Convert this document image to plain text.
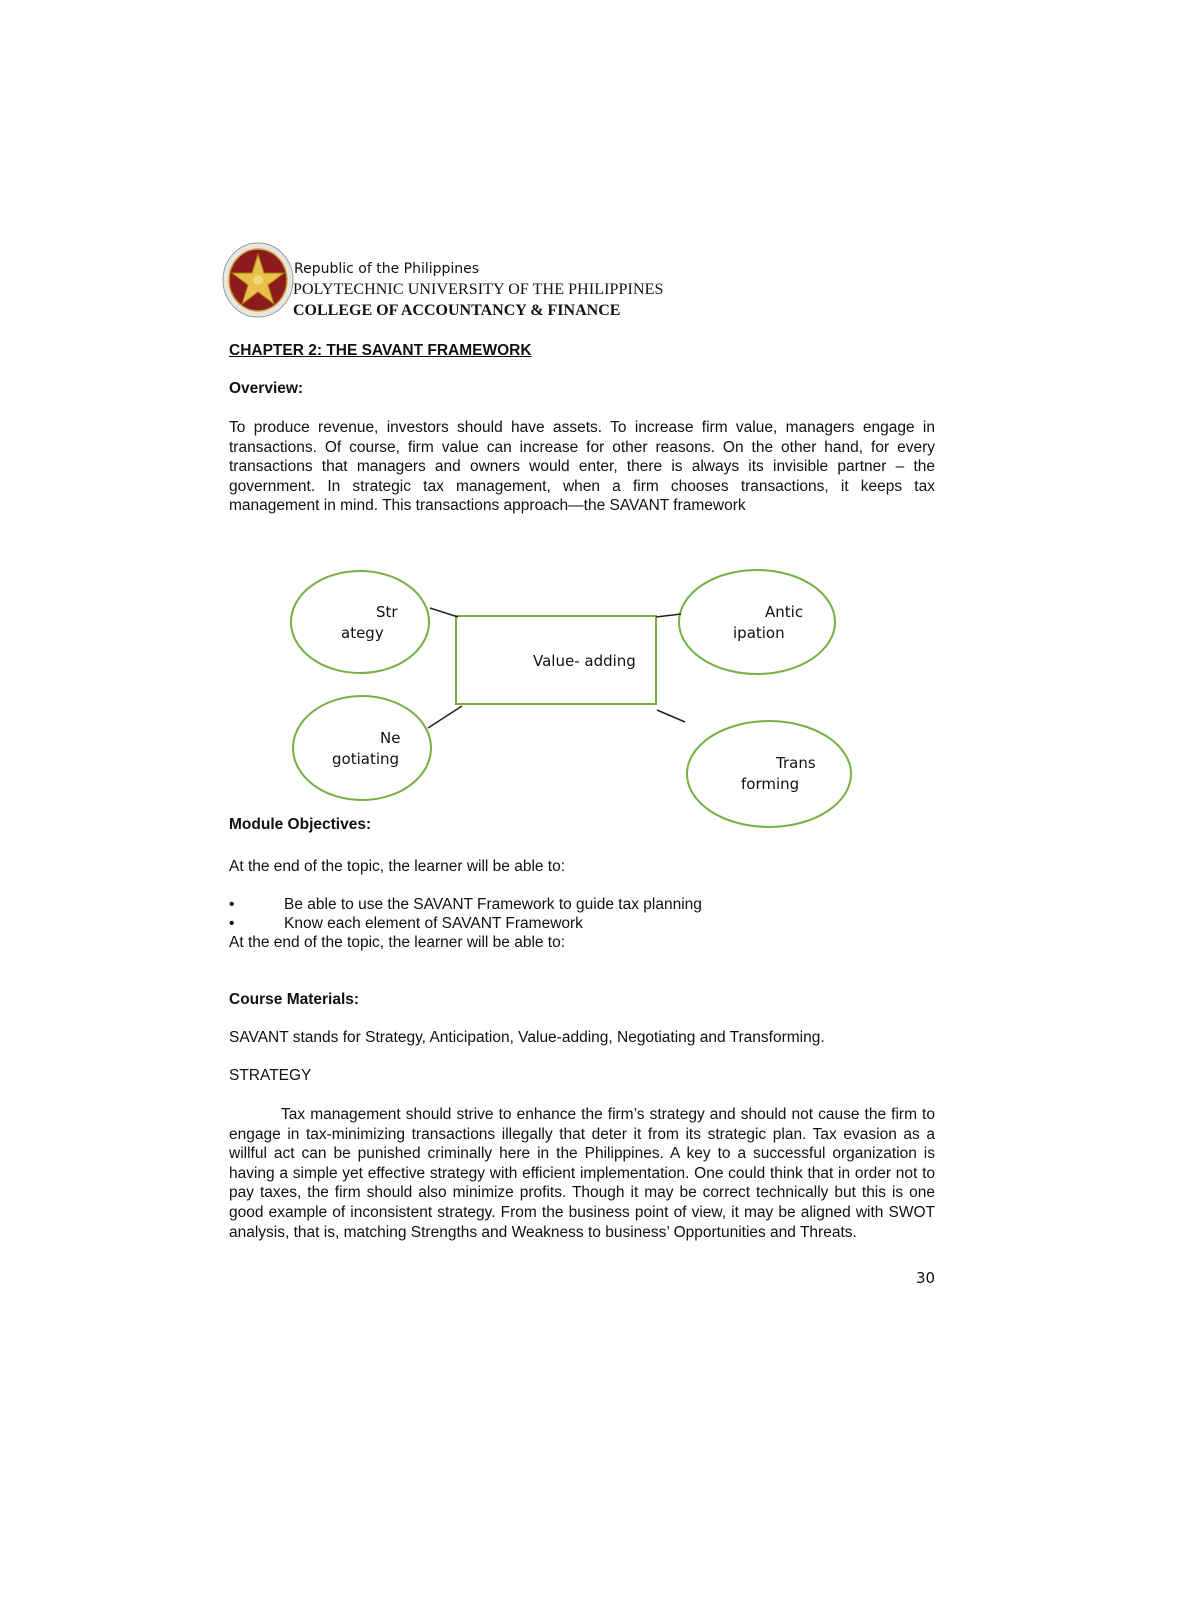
Republic of the Philippines
POLYTECHNIC UNIVERSITY OF THE PHILIPPINES
COLLEGE OF ACCOUNTANCY & FINANCE
CHAPTER 2: THE SAVANT FRAMEWORK
Overview:
To produce revenue, investors should have assets. To increase firm value, managers engage in transactions. Of course, firm value can increase for other reasons. On the other hand, for every transactions that managers and owners would enter, there is always its invisible partner – the government. In strategic tax management, when a firm chooses transactions, it keeps tax management in mind. This transactions approach—the SAVANT framework
Value- adding
Str
ategy
Antic
ipation
Ne
gotiating	Trans
forming
Module Objectives:
At the end of the topic, the learner will be able to:
•	Be able to use the SAVANT Framework to guide tax planning
•	Know each element of SAVANT Framework
At the end of the topic, the learner will be able to:
Course Materials:
SAVANT stands for Strategy, Anticipation, Value-adding, Negotiating and Transforming.
STRATEGY
Tax management should strive to enhance the firm’s strategy and should not cause the firm to engage in tax-minimizing transactions illegally that deter it from its strategic plan. Tax evasion as a willful act can be punished criminally here in the Philippines. A key to a successful organization is having a simple yet effective strategy with efficient implementation. One could think that in order not to pay taxes, the firm should also minimize profits. Though it may be correct technically but this is one good example of inconsistent strategy. From the business point of view, it may be aligned with SWOT analysis, that is, matching Strengths and Weakness to business’ Opportunities and Threats.
30
